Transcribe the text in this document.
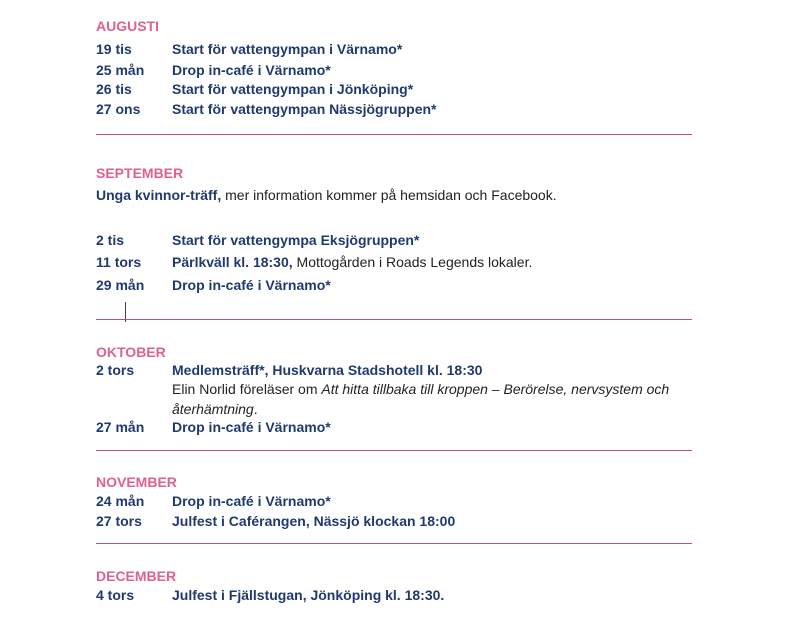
AUGUSTI
19 tis	Start för vattengympan i Värnamo*
25 mån Drop in-café i Värnamo*
26 tis	Start för vattengympan i Jönköping*
27 ons Start för vattengympan Nässjögruppen*
SEPTEMBER
Unga kvinnor-träff, mer information kommer på hemsidan och Facebook.
2 tis	Start för vattengympa Eksjögruppen*
11 tors Pärlkväll kl. 18:30, Mottogården i Roads Legends lokaler.
29 mån Drop in-café i Värnamo*
OKTOBER
2 tors	Medlemsträff*, Huskvarna Stadshotell kl. 18:30
Elin Norlid föreläser om Att hitta tillbaka till kroppen – Berörelse, nervsystem och
återhämtning.
27 mån Drop in-café i Värnamo*
NOVEMBER
24 mån Drop in-café i Värnamo*
27 tors Julfest i Caférangen, Nässjö klockan 18:00
DECEMBER
4 tors	Julfest i Fjällstugan, Jönköping kl. 18:30.
